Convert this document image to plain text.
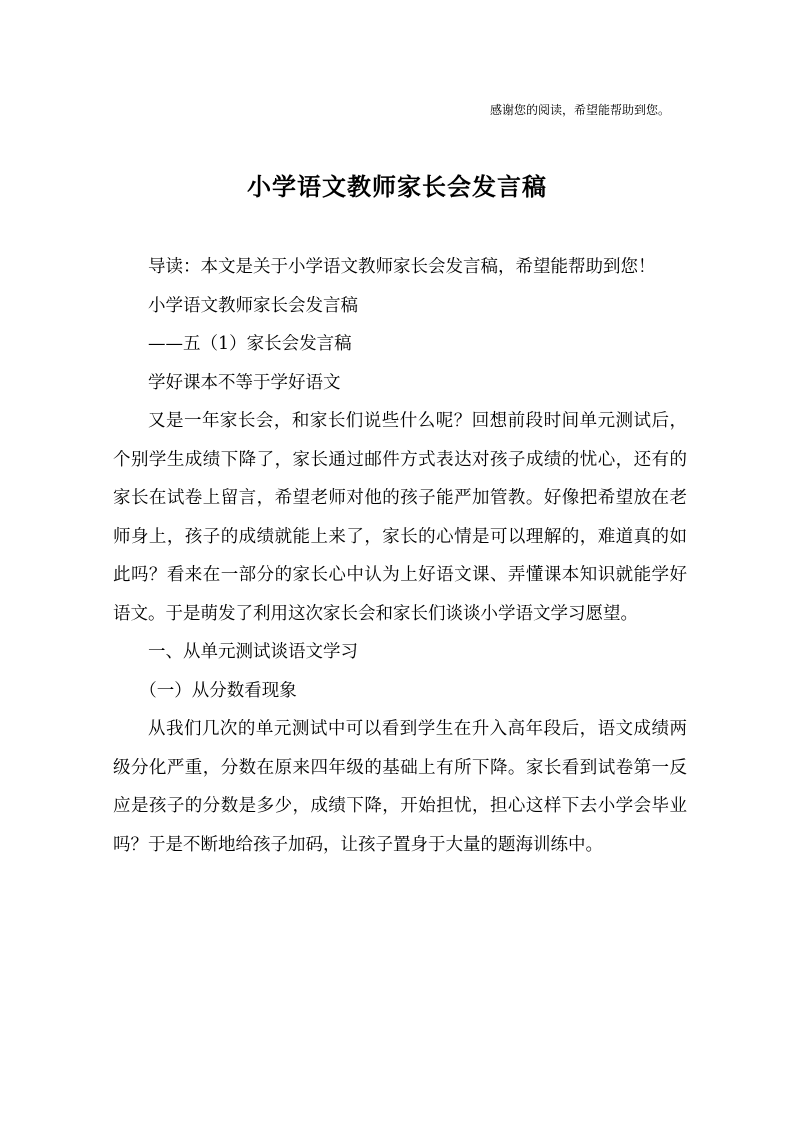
感谢您的阅读，希望能帮助到您。
小学语文教师家长会发言稿

导读：本文是关于小学语文教师家长会发言稿，希望能帮助到您！

小学语文教师家长会发言稿

——五（1）家长会发言稿

学好课本不等于学好语文

又是一年家长会，和家长们说些什么呢？回想前段时间单元测试后，个别学生成绩下降了，家长通过邮件方式表达对孩子成绩的忧心，还有的家长在试卷上留言，希望老师对他的孩子能严加管教。好像把希望放在老师身上，孩子的成绩就能上来了，家长的心情是可以理解的，难道真的如此吗？看来在一部分的家长心中认为上好语文课、弄懂课本知识就能学好语文。于是萌发了利用这次家长会和家长们谈谈小学语文学习愿望。

一、从单元测试谈语文学习

（一）从分数看现象

从我们几次的单元测试中可以看到学生在升入高年段后，语文成绩两级分化严重，分数在原来四年级的基础上有所下降。家长看到试卷第一反应是孩子的分数是多少，成绩下降，开始担忧，担心这样下去小学会毕业吗？于是不断地给孩子加码，让孩子置身于大量的题海训练中。
